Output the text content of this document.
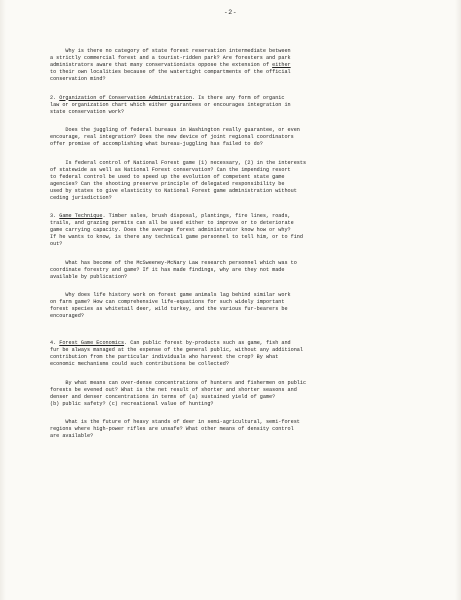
-2-
Why is there no category of state forest reservation intermediate between
a strictly commercial forest and a tourist-ridden park? Are foresters and park
administrators aware that many conservationists oppose the extension of either
to their own localities because of the watertight compartments of the official
conservation mind?
2. Organization of Conservation Administration. Is there any form of organic
law or organization chart which either guarantees or encourages integration in
state conservation work?
Does the juggling of federal bureaus in Washington really guarantee, or even
encourage, real integration? Does the new device of joint regional coordinators
offer promise of accomplishing what bureau-juggling has failed to do?
Is federal control of National Forest game (1) necessary, (2) in the interests
of statewide as well as National Forest conservation? Can the impending resort
to federal control be used to speed up the evolution of competent state game
agencies? Can the shooting preserve principle of delegated responsibility be
used by states to give elasticity to National Forest game administration without
ceding jurisdiction?
3. Game Technique. Timber sales, brush disposal, plantings, fire lines, roads,
trails, and grazing permits can all be used either to improve or to deteriorate
game carrying capacity. Does the average forest administrator know how or why?
If he wants to know, is there any technical game personnel to tell him, or to find
out?
What has become of the McSweeney-McNary Law research personnel which was to
coordinate forestry and game? If it has made findings, why are they not made
available by publication?
Why does life history work on forest game animals lag behind similar work
on farm game? How can comprehensive life-equations for such widely important
forest species as whitetail deer, wild turkey, and the various fur-bearers be
encouraged?
4. Forest Game Economics. Can public forest by-products such as game, fish and
fur be always managed at the expense of the general public, without any additional
contribution from the particular individuals who harvest the crop? By what
economic mechanisms could such contributions be collected?
By what means can over-dense concentrations of hunters and fishermen on public
forests be evened out? What is the net result of shorter and shorter seasons and
denser and denser concentrations in terms of (a) sustained yield of game?
(b) public safety? (c) recreational value of hunting?
What is the future of heavy stands of deer in semi-agricultural, semi-forest
regions where high-power rifles are unsafe? What other means of density control
are available?
